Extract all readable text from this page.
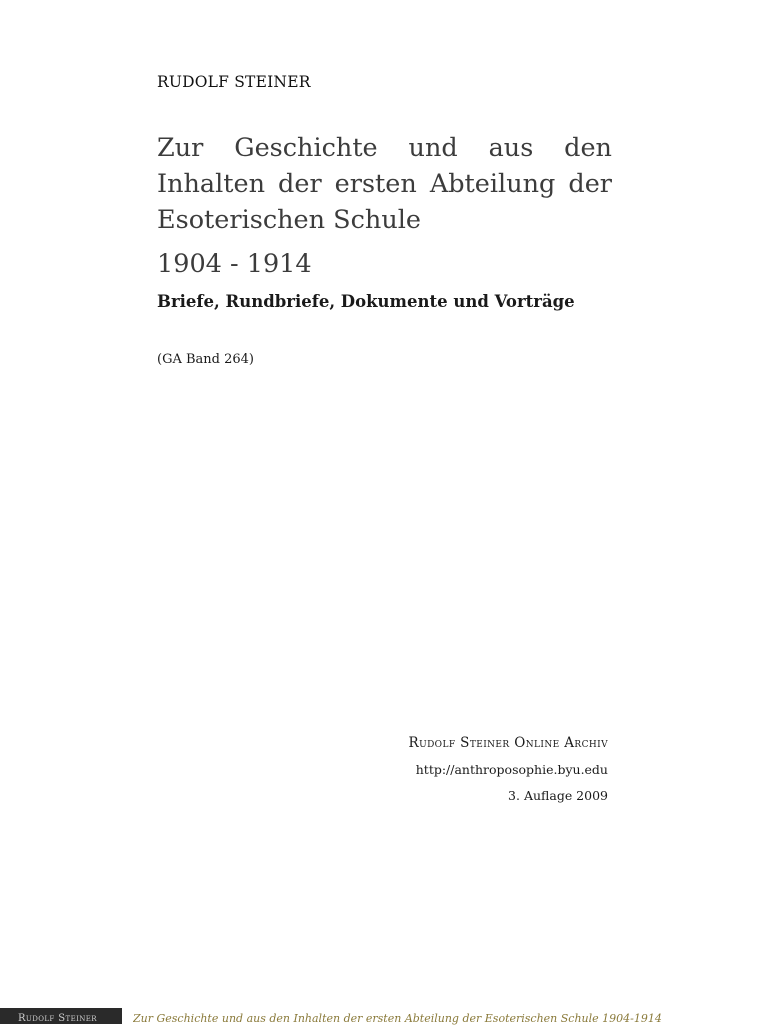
RUDOLF STEINER
Zur Geschichte und aus den Inhalten der ersten Abteilung der Esoterischen Schule
1904 - 1914
Briefe, Rundbriefe, Dokumente und Vorträge
(GA Band 264)
Rudolf Steiner Online Archiv
http://anthroposophie.byu.edu
3. Auflage 2009
Rudolf Steiner	Zur Geschichte und aus den Inhalten der ersten Abteilung der Esoterischen Schule 1904-1914
